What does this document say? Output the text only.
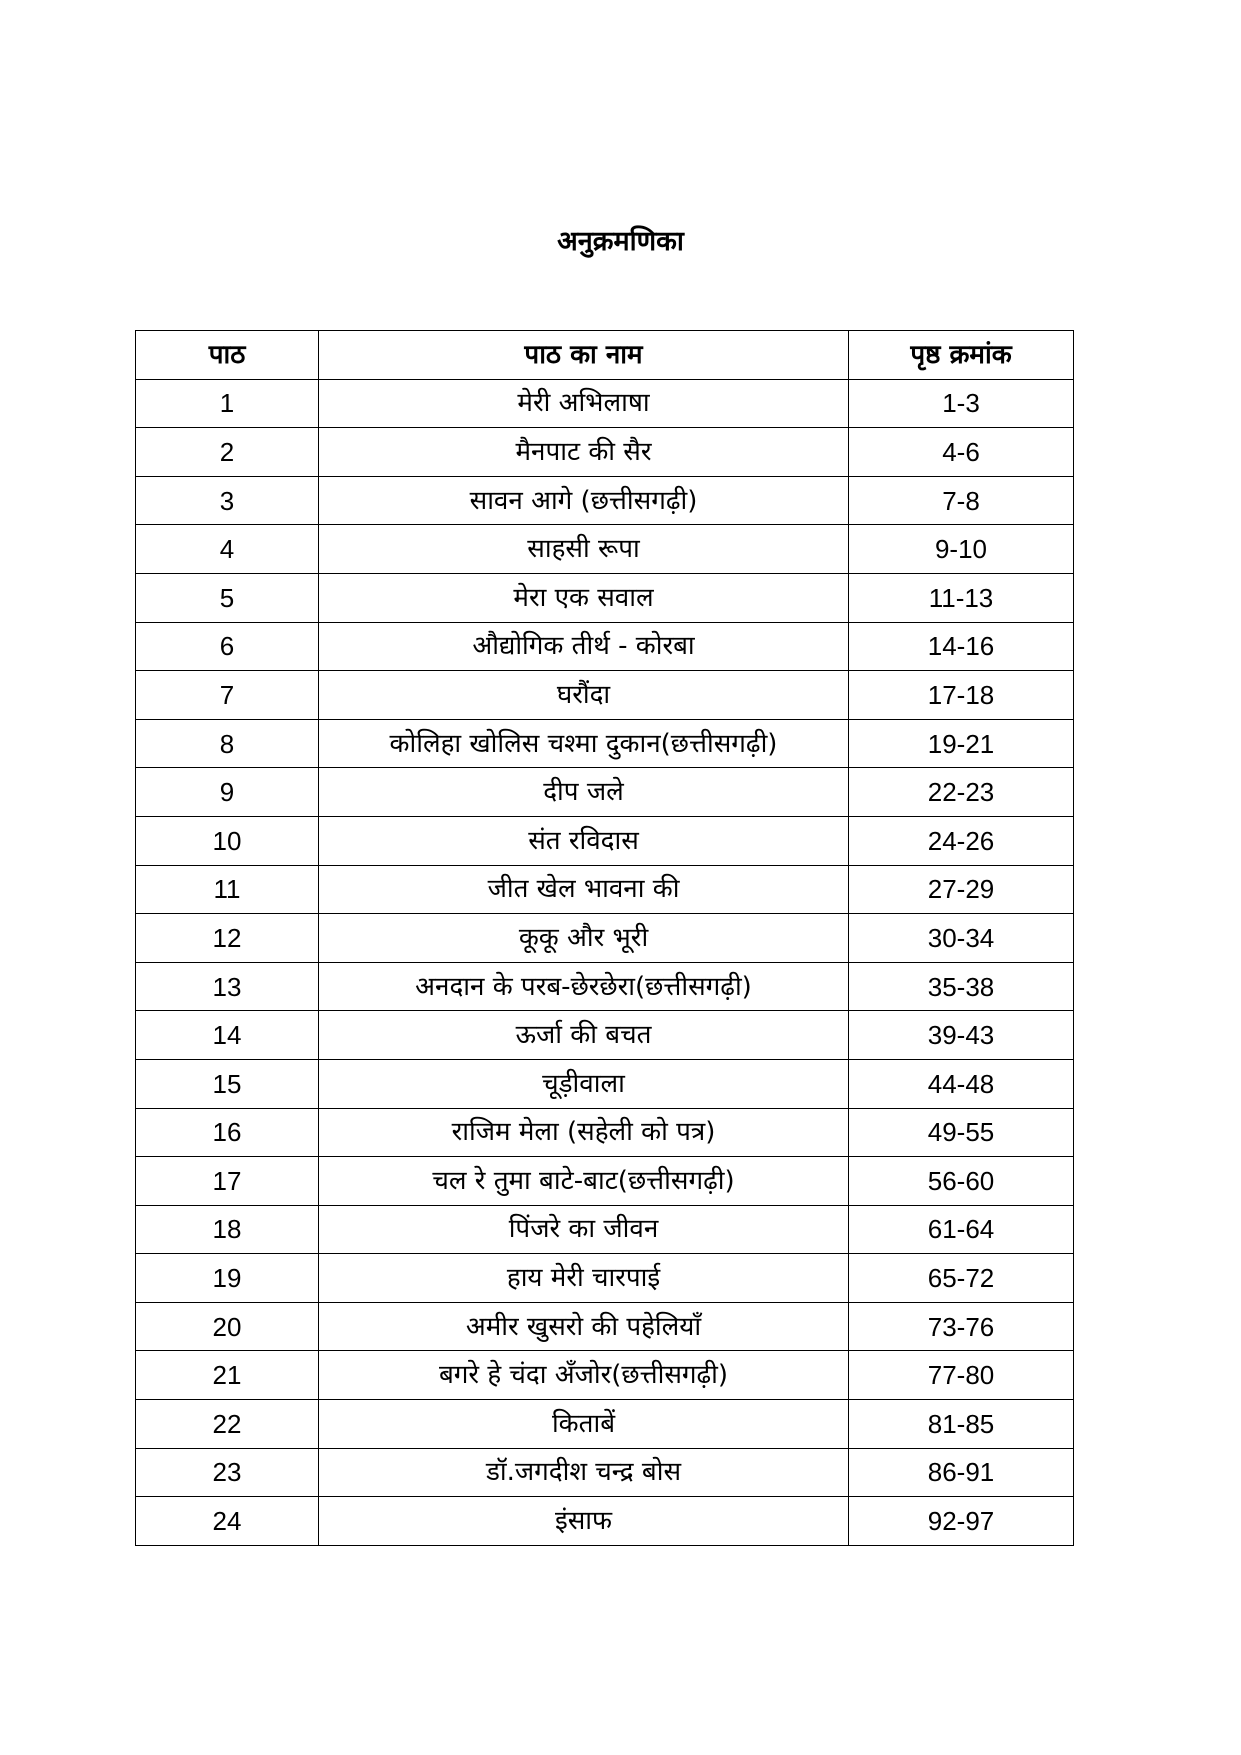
अनुक्रमणिका
पाठ	पाठ का नाम	पृष्ठ क्रमांक
1	मेरी अभिलाषा	1-3
2	मैनपाट की सैर	4-6
3	सावन आगे (छत्तीसगढ़ी)	7-8
4	साहसी रूपा	9-10
5	मेरा एक सवाल	11-13
6	औद्योगिक तीर्थ - कोरबा	14-16
7	घरौंदा	17-18
8	कोलिहा खोलिस चश्मा दुकान(छत्तीसगढ़ी)	19-21
9	दीप जले	22-23
10	संत रविदास	24-26
11	जीत खेल भावना की	27-29
12	कूकू और भूरी	30-34
13	अनदान के परब-छेरछेरा(छत्तीसगढ़ी)	35-38
14	ऊर्जा की बचत	39-43
15	चूड़ीवाला	44-48
16	राजिम मेला (सहेली को पत्र)	49-55
17	चल रे तुमा बाटे-बाट(छत्तीसगढ़ी)	56-60
18	पिंजरे का जीवन	61-64
19	हाय मेरी चारपाई	65-72
20	अमीर खुसरो की पहेलियाँ	73-76
21	बगरे हे चंदा अँजोर(छत्तीसगढ़ी)	77-80
22	किताबें	81-85
23	डॉ.जगदीश चन्द्र बोस	86-91
24	इंसाफ	92-97
